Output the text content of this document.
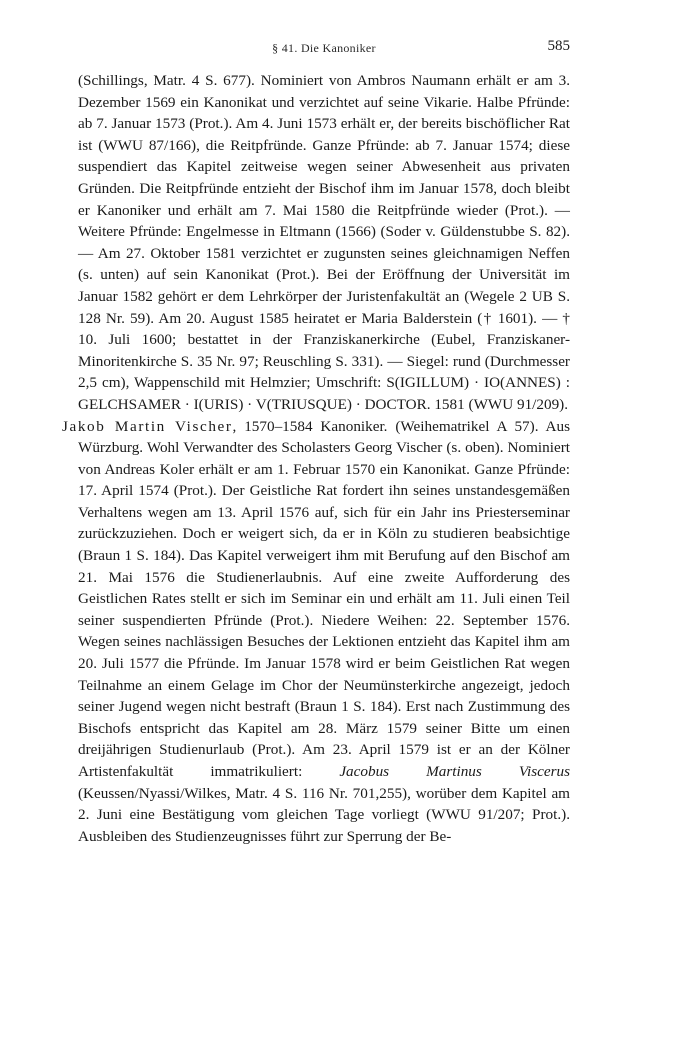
§ 41. Die Kanoniker	585

(Schillings, Matr. 4 S. 677). Nominiert von Ambros Naumann erhält er am 3. Dezember 1569 ein Kanonikat und verzichtet auf seine Vikarie. Halbe Pfründe: ab 7. Januar 1573 (Prot.). Am 4. Juni 1573 erhält er, der bereits bischöflicher Rat ist (WWU 87/166), die Reitpfründe. Ganze Pfründe: ab 7. Januar 1574; diese suspendiert das Kapitel zeitweise wegen seiner Abwesenheit aus privaten Gründen. Die Reitpfründe entzieht der Bischof ihm im Januar 1578, doch bleibt er Kanoniker und erhält am 7. Mai 1580 die Reitpfründe wieder (Prot.). — Weitere Pfründe: Engelmesse in Eltmann (1566) (Soder v. Güldenstubbe S. 82). — Am 27. Oktober 1581 verzichtet er zugunsten seines gleichnamigen Neffen (s. unten) auf sein Kanonikat (Prot.). Bei der Eröffnung der Universität im Januar 1582 gehört er dem Lehrkörper der Juristenfakultät an (Wegele 2 UB S. 128 Nr. 59). Am 20. August 1585 heiratet er Maria Balderstein († 1601). — † 10. Juli 1600; bestattet in der Franziskanerkirche (Eubel, Franziskaner-Minoritenkirche S. 35 Nr. 97; Reuschling S. 331). — Siegel: rund (Durchmesser 2,5 cm), Wappenschild mit Helmzier; Umschrift: S(IGILLUM) · IO(ANNES) : GELCHSAMER · I(URIS) · V(TRIUSQUE) · DOCTOR. 1581 (WWU 91/209).

Jakob Martin Vischer, 1570–1584 Kanoniker. (Weihematrikel A 57). Aus Würzburg. Wohl Verwandter des Scholasters Georg Vischer (s. oben). Nominiert von Andreas Koler erhält er am 1. Februar 1570 ein Kanonikat. Ganze Pfründe: 17. April 1574 (Prot.). Der Geistliche Rat fordert ihn seines unstandesgemäßen Verhaltens wegen am 13. April 1576 auf, sich für ein Jahr ins Priesterseminar zurückzuziehen. Doch er weigert sich, da er in Köln zu studieren beabsichtige (Braun 1 S. 184). Das Kapitel verweigert ihm mit Berufung auf den Bischof am 21. Mai 1576 die Studienerlaubnis. Auf eine zweite Aufforderung des Geistlichen Rates stellt er sich im Seminar ein und erhält am 11. Juli einen Teil seiner suspendierten Pfründe (Prot.). Niedere Weihen: 22. September 1576. Wegen seines nachlässigen Besuches der Lektionen entzieht das Kapitel ihm am 20. Juli 1577 die Pfründe. Im Januar 1578 wird er beim Geistlichen Rat wegen Teilnahme an einem Gelage im Chor der Neumünsterkirche angezeigt, jedoch seiner Jugend wegen nicht bestraft (Braun 1 S. 184). Erst nach Zustimmung des Bischofs entspricht das Kapitel am 28. März 1579 seiner Bitte um einen dreijährigen Studienurlaub (Prot.). Am 23. April 1579 ist er an der Kölner Artistenfakultät immatrikuliert: Jacobus Martinus Viscerus (Keussen/Nyassi/Wilkes, Matr. 4 S. 116 Nr. 701,255), worüber dem Kapitel am 2. Juni eine Bestätigung vom gleichen Tage vorliegt (WWU 91/207; Prot.). Ausbleiben des Studienzeugnisses führt zur Sperrung der Be-
